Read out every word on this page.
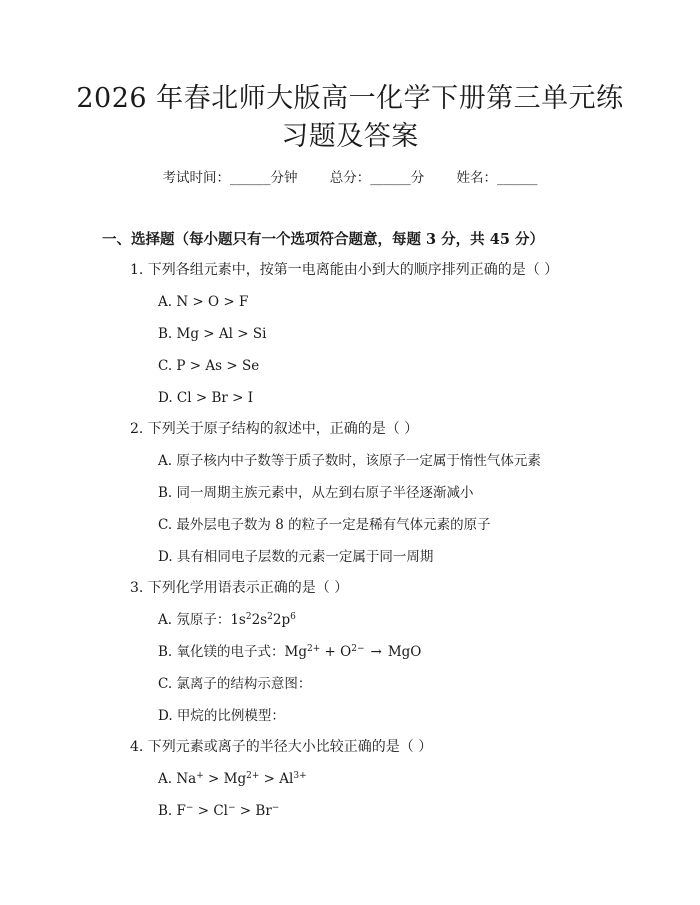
2026 年春北师大版高一化学下册第三单元练
习题及答案
考试时间：______分钟 总分：______分 姓名：______
一、选择题（每小题只有一个选项符合题意，每题 3 分，共 45 分）
1. 下列各组元素中，按第一电离能由小到大的顺序排列正确的是（ ）
A. N > O > F
B. Mg > Al > Si
C. P > As > Se
D. Cl > Br > I
2. 下列关于原子结构的叙述中，正确的是（ ）
A. 原子核内中子数等于质子数时，该原子一定属于惰性气体元素
B. 同一周期主族元素中，从左到右原子半径逐渐减小
C. 最外层电子数为 8 的粒子一定是稀有气体元素的原子
D. 具有相同电子层数的元素一定属于同一周期
3. 下列化学用语表示正确的是（ ）
A. 氖原子：$1s^22s^22p^6$
B. 氧化镁的电子式：$Mg^{2+} + O^{2-}$ → MgO
C. 氯离子的结构示意图：
D. 甲烷的比例模型：
4. 下列元素或离子的半径大小比较正确的是（ ）
A. $Na^+ > Mg^{2+} > Al^{3+}$
B. F− > Cl− > Br−
